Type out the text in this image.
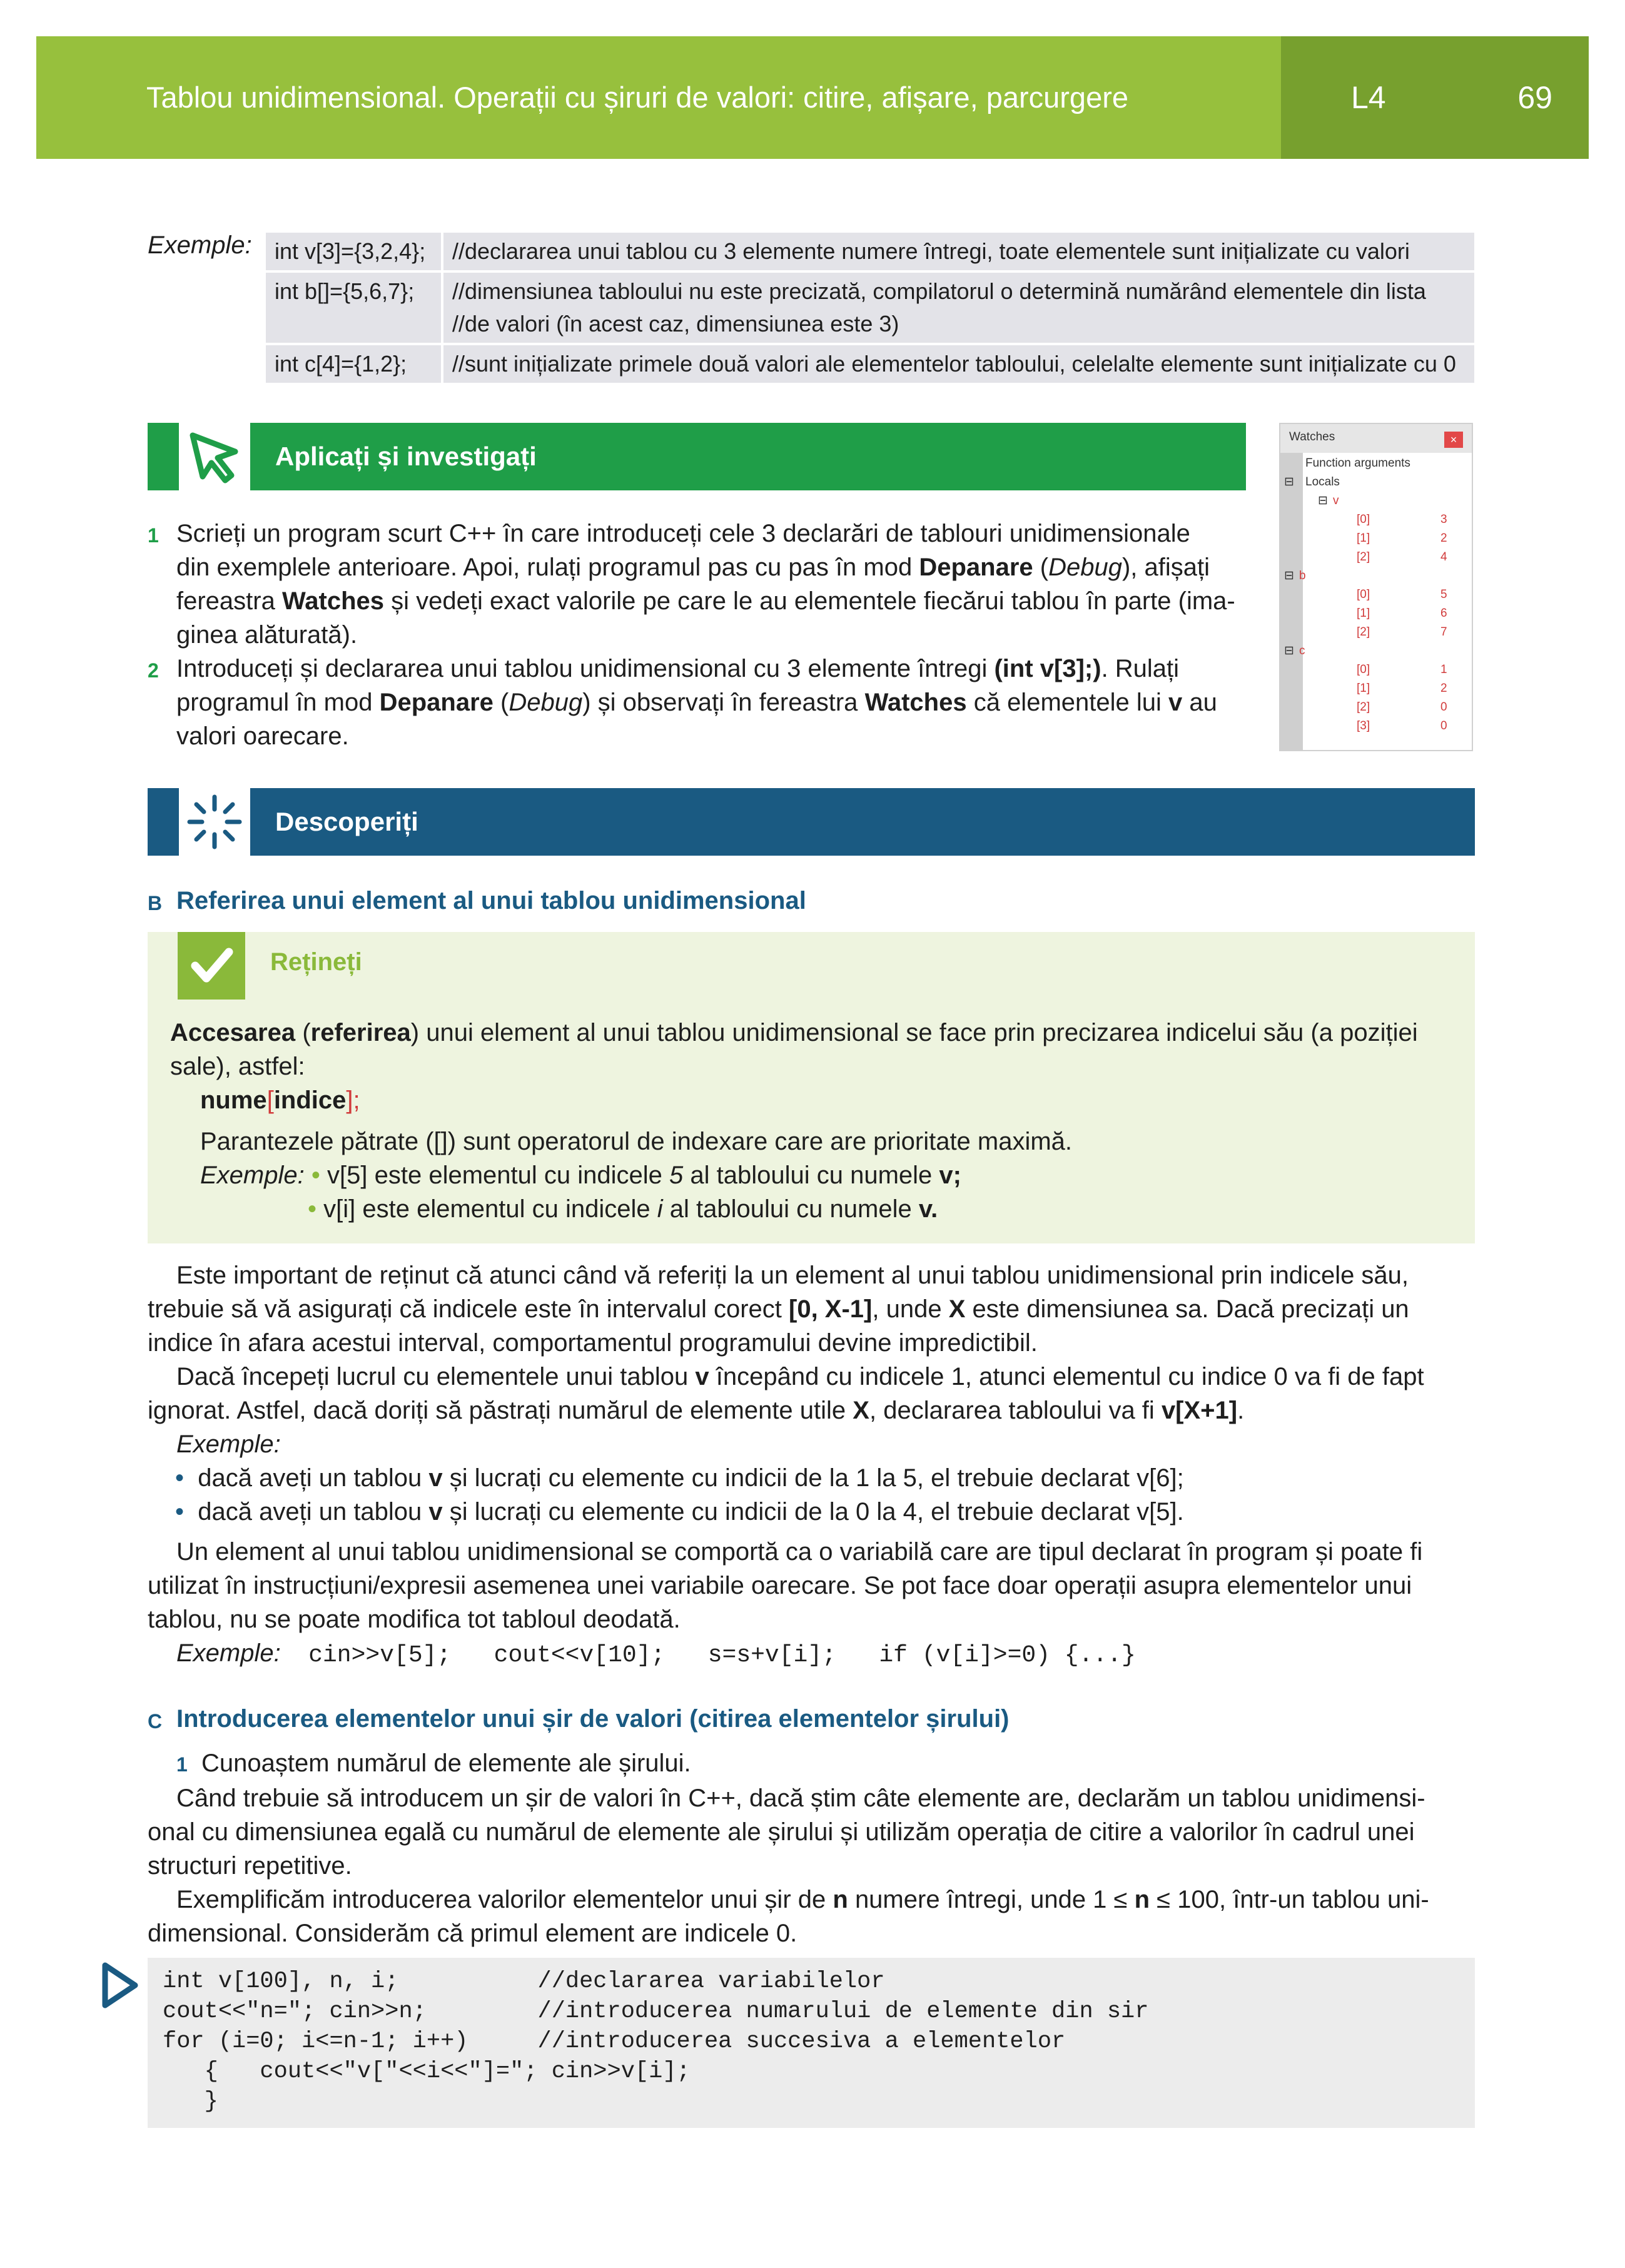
Tablou unidimensional. Operații cu șiruri de valori: citire, afișare, parcurgere	L4	69
Exemple:	int v[3]={3,2,4};	//declararea unui tablou cu 3 elemente numere întregi, toate elementele sunt inițializate cu valori
int b[]={5,6,7};	//dimensiunea tabloului nu este precizată, compilatorul o determină numărând elementele din lista
//de valori (în acest caz, dimensiunea este 3)
int c[4]={1,2};	//sunt inițializate primele două valori ale elementelor tabloului, celelalte elemente sunt inițializate cu 0
Aplicați și investigați
Watches	×
Function arguments
Locals
⊟
⊟ v
[0]	3
[1]	2
[2]	4
⊟ b
[0]	5
[1]	6
[2]	7
⊟ c
[0]	1
[1]	2
[2]	0
[3]	0
1 Scrieți un program scurt C++ în care introduceți cele 3 declarări de tablouri unidimensionale
din exemplele anterioare. Apoi, rulați programul pas cu pas în mod Depanare (Debug), afișați
fereastra Watches și vedeți exact valorile pe care le au elementele fiecărui tablou în parte (ima-
ginea alăturată).
2 Introduceți și declararea unui tablou unidimensional cu 3 elemente întregi (int v[3];). Rulați
programul în mod Depanare (Debug) și observați în fereastra Watches că elementele lui v au
valori oarecare.
Descoperiți
B Referirea unui element al unui tablou unidimensional
Rețineți
Accesarea (referirea) unui element al unui tablou unidimensional se face prin precizarea indicelui său (a poziției
sale), astfel:
nume[indice];
Parantezele pătrate ([]) sunt operatorul de indexare care are prioritate maximă.
Exemple: • v[5] este elementul cu indicele 5 al tabloului cu numele v;
• v[i] este elementul cu indicele i al tabloului cu numele v.
Este important de reținut că atunci când vă referiți la un element al unui tablou unidimensional prin indicele său,
trebuie să vă asigurați că indicele este în intervalul corect [0, X-1], unde X este dimensiunea sa. Dacă precizați un
indice în afara acestui interval, comportamentul programului devine impredictibil.
Dacă începeți lucrul cu elementele unui tablou v începând cu indicele 1, atunci elementul cu indice 0 va fi de fapt
ignorat. Astfel, dacă doriți să păstrați numărul de elemente utile X, declararea tabloului va fi v[X+1].
Exemple:
• dacă aveți un tablou v și lucrați cu elemente cu indicii de la 1 la 5, el trebuie declarat v[6];
• dacă aveți un tablou v și lucrați cu elemente cu indicii de la 0 la 4, el trebuie declarat v[5].
Un element al unui tablou unidimensional se comportă ca o variabilă care are tipul declarat în program și poate fi
utilizat în instrucțiuni/expresii asemenea unei variabile oarecare. Se pot face doar operații asupra elementelor unui
tablou, nu se poate modifica tot tabloul deodată.
Exemple: cin>>v[5];   cout<<v[10];   s=s+v[i];   if (v[i]>=0) {...}
C Introducerea elementelor unui șir de valori (citirea elementelor șirului)
1 Cunoaștem numărul de elemente ale șirului.
Când trebuie să introducem un șir de valori în C++, dacă știm câte elemente are, declarăm un tablou unidimensi-
onal cu dimensiunea egală cu numărul de elemente ale șirului și utilizăm operația de citire a valorilor în cadrul unei
structuri repetitive.
Exemplificăm introducerea valorilor elementelor unui șir de n numere întregi, unde 1 ≤ n ≤ 100, într-un tablou uni-
dimensional. Considerăm că primul element are indicele 0.
int v[100], n, i;          //declararea variabilelor
cout<<"n="; cin>>n;        //introducerea numarului de elemente din sir
for (i=0; i<=n-1; i++)     //introducerea succesiva a elementelor
{   cout<<"v["<<i<<"]="; cin>>v[i];
}
